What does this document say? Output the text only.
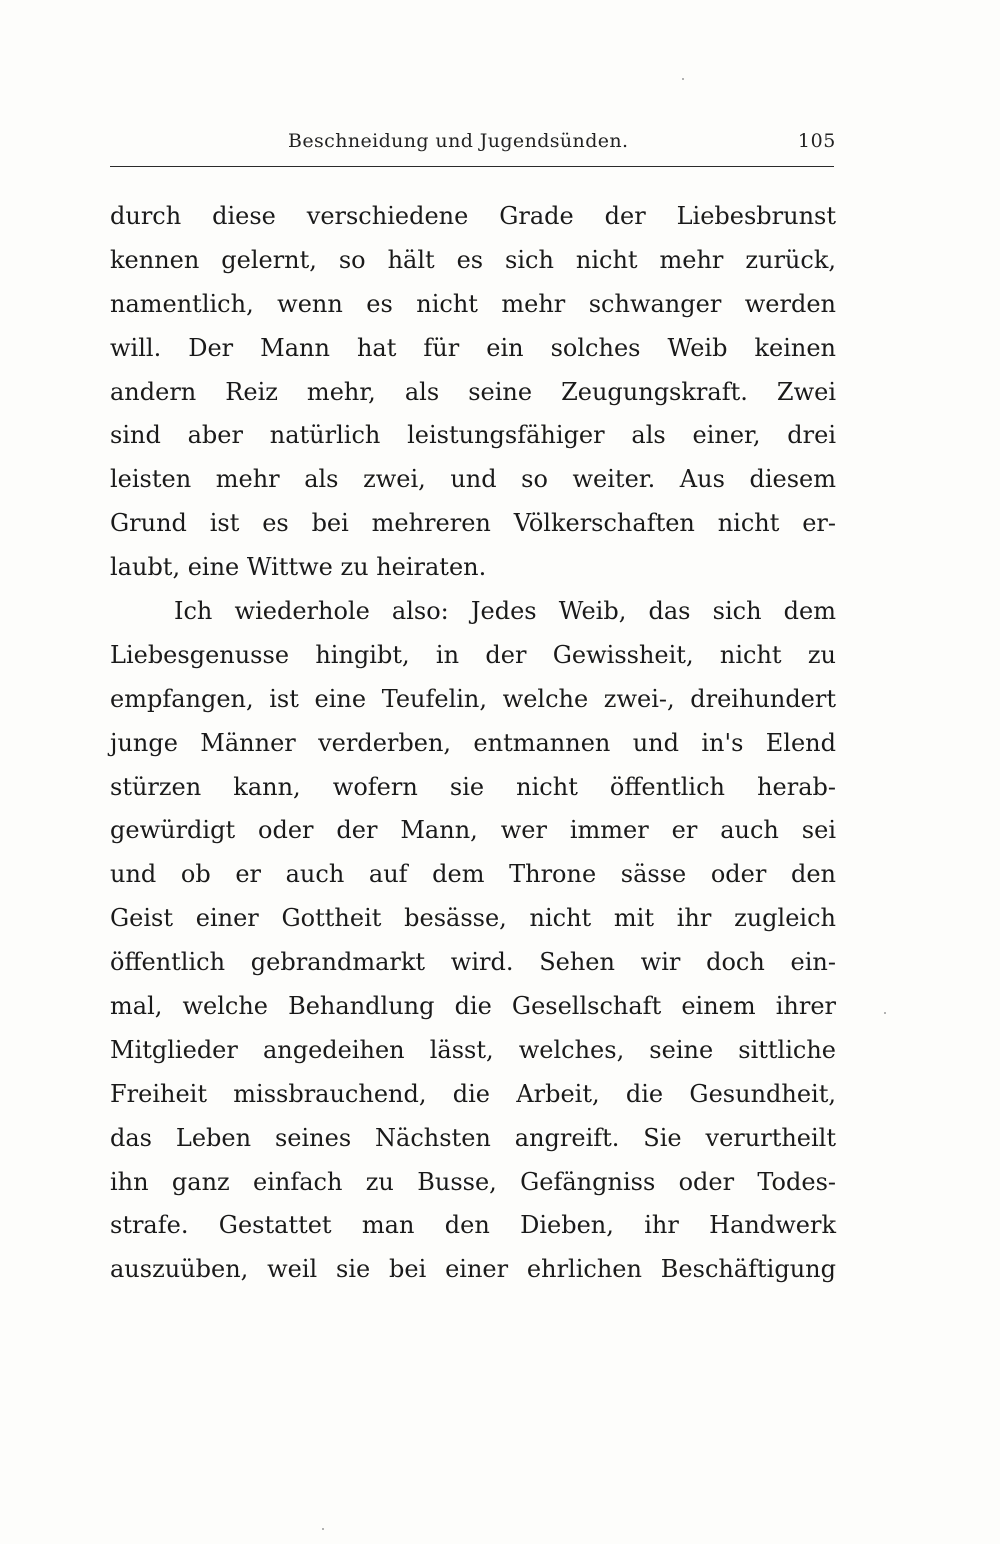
Beschneidung und Jugendsünden.	105
durch diese verschiedene Grade der Liebesbrunst
kennen gelernt, so hält es sich nicht mehr zurück,
namentlich, wenn es nicht mehr schwanger werden
will. Der Mann hat für ein solches Weib keinen
andern Reiz mehr, als seine Zeugungskraft. Zwei
sind aber natürlich leistungsfähiger als einer, drei
leisten mehr als zwei, und so weiter. Aus diesem
Grund ist es bei mehreren Völkerschaften nicht er-
laubt, eine Wittwe zu heiraten.
Ich wiederhole also: Jedes Weib, das sich dem
Liebesgenusse hingibt, in der Gewissheit, nicht zu
empfangen, ist eine Teufelin, welche zwei-, dreihundert
junge Männer verderben, entmannen und in's Elend
stürzen kann, wofern sie nicht öffentlich herab-
gewürdigt oder der Mann, wer immer er auch sei
und ob er auch auf dem Throne sässe oder den
Geist einer Gottheit besässe, nicht mit ihr zugleich
öffentlich gebrandmarkt wird. Sehen wir doch ein-
mal, welche Behandlung die Gesellschaft einem ihrer
Mitglieder angedeihen lässt, welches, seine sittliche
Freiheit missbrauchend, die Arbeit, die Gesundheit,
das Leben seines Nächsten angreift. Sie verurtheilt
ihn ganz einfach zu Busse, Gefängniss oder Todes-
strafe. Gestattet man den Dieben, ihr Handwerk
auszuüben, weil sie bei einer ehrlichen Beschäftigung
